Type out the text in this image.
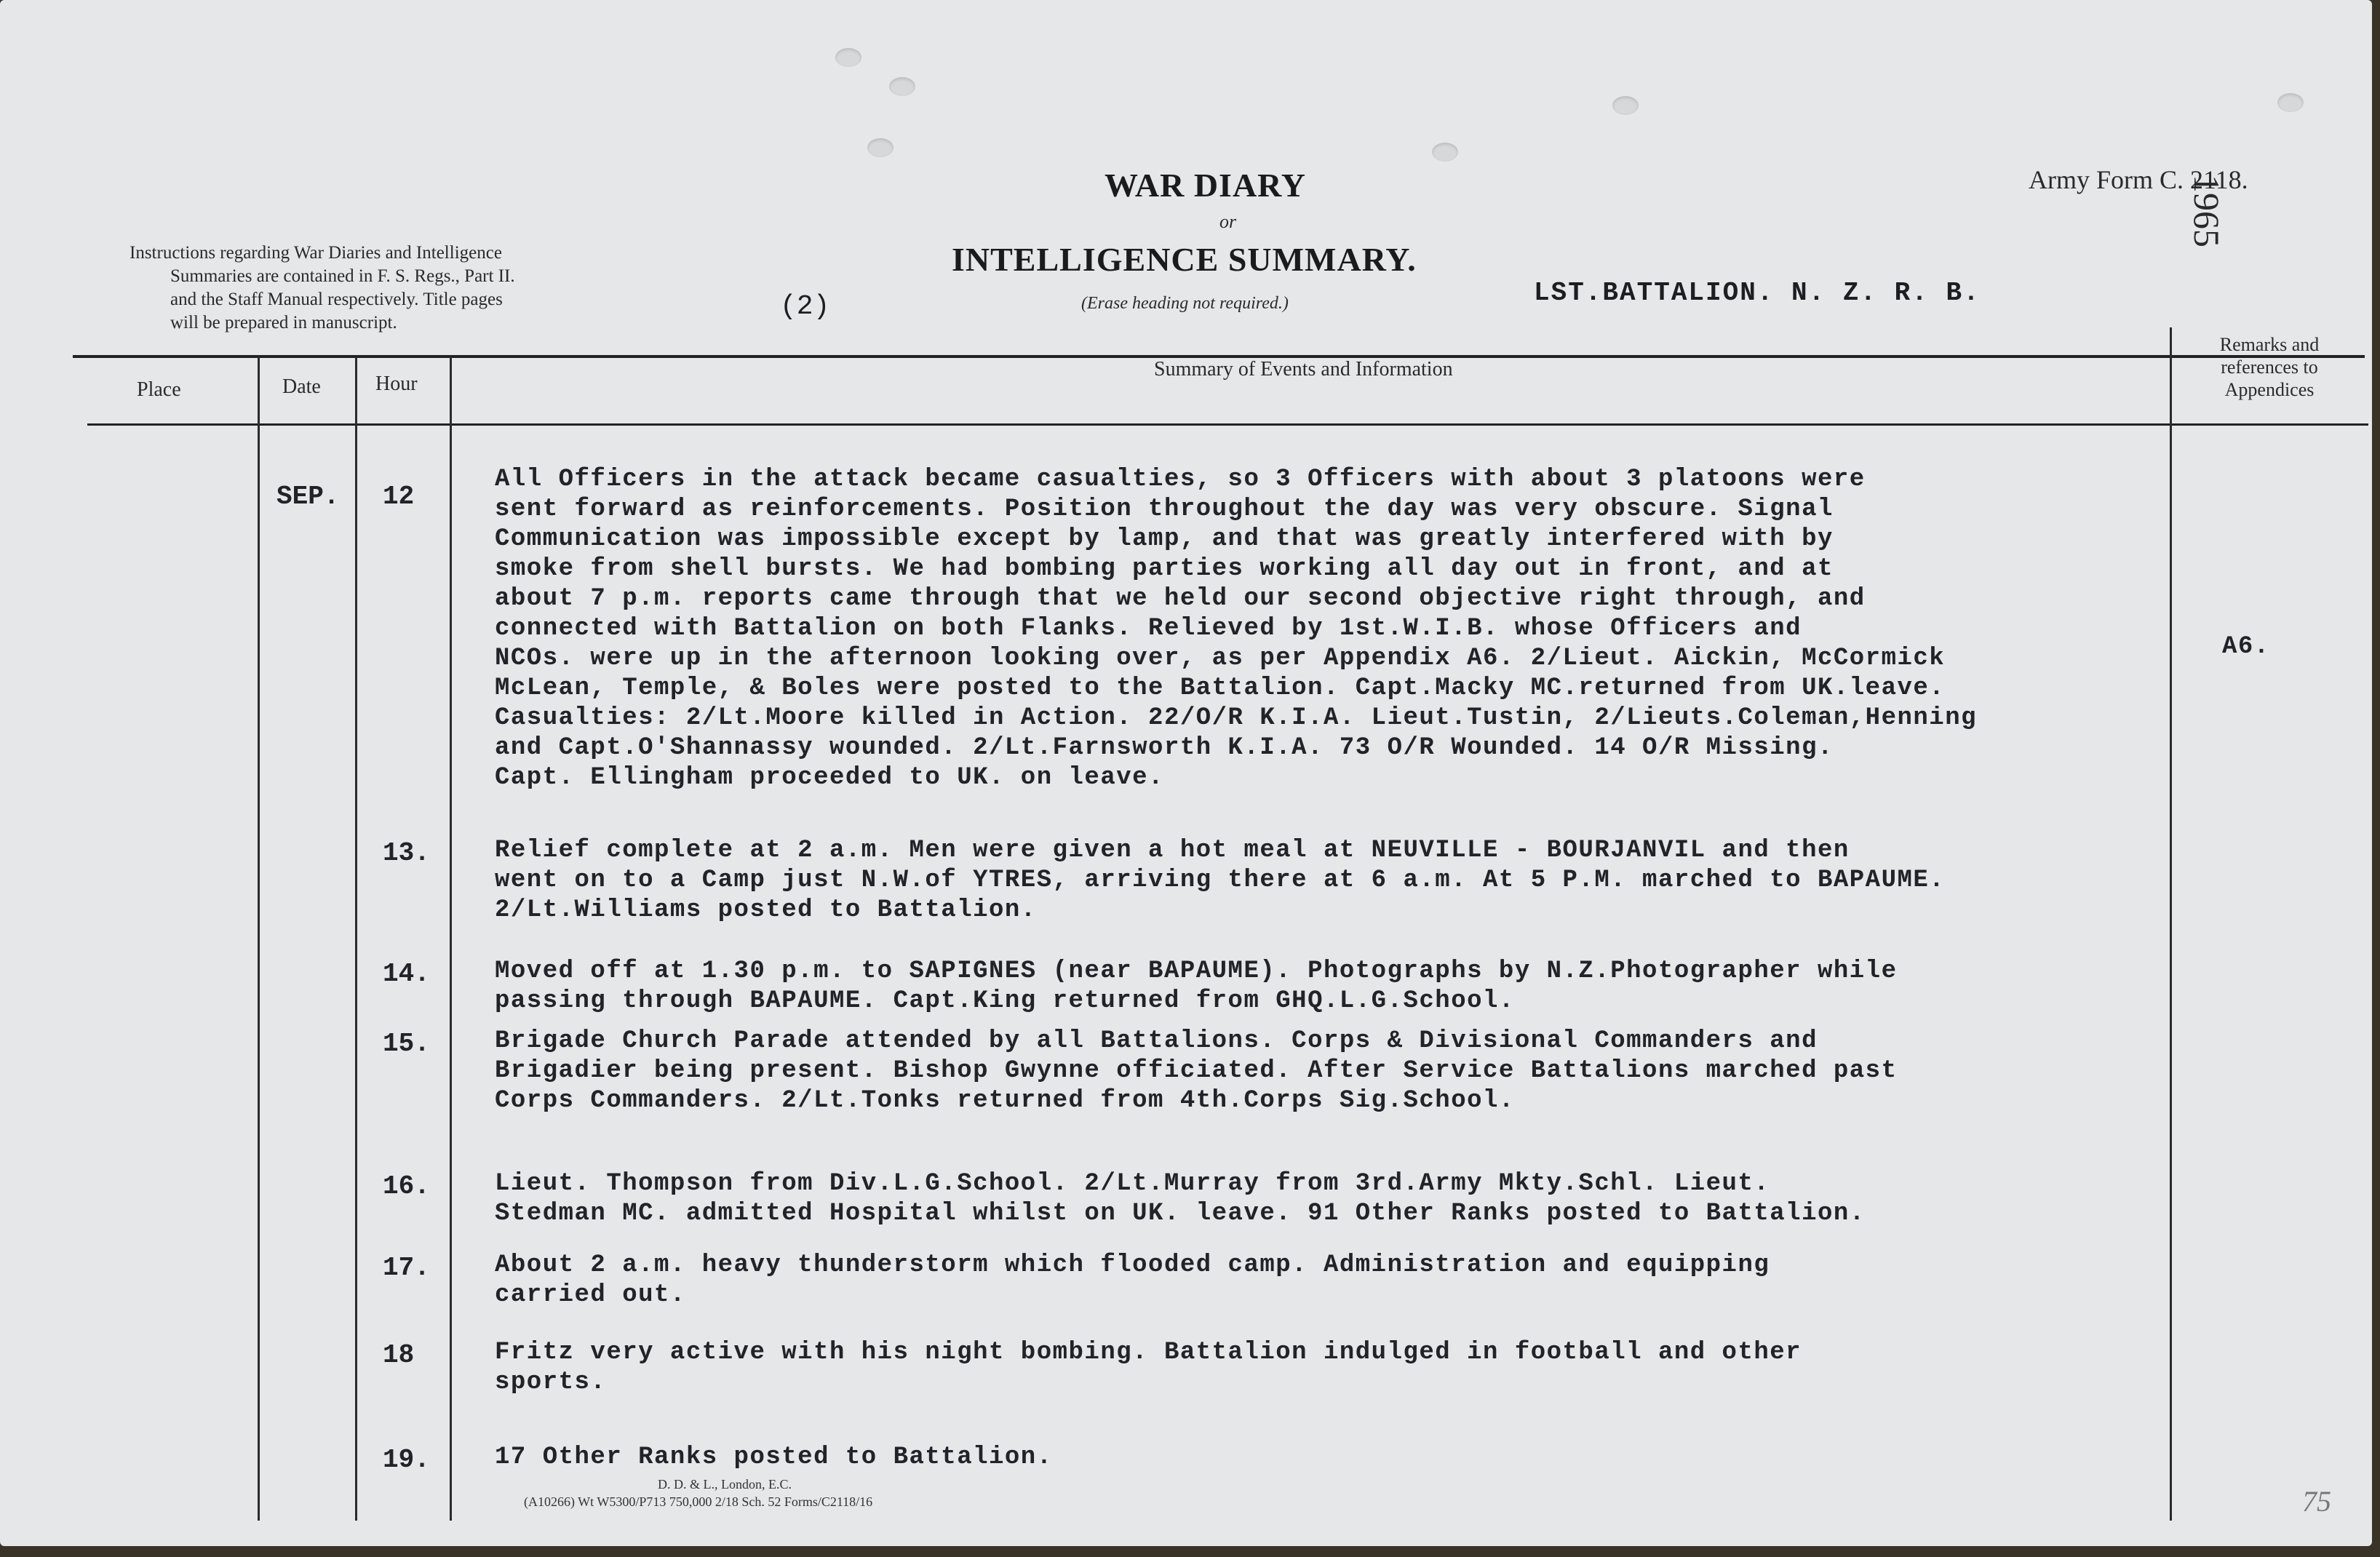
WAR DIARY
or
INTELLIGENCE SUMMARY.
(Erase heading not required.)
Army Form C. 2118.
(2)	LST.BATTALION. N. Z. R. B.
1965
Instructions regarding War Diaries and Intelligence
Summaries are contained in F. S. Regs., Part II.
and the Staff Manual respectively. Title pages
will be prepared in manuscript.
Place	Date	Hour
Summary of Events and Information
Remarks and
references to
Appendices
SEP. 12
All Officers in the attack became casualties, so 3 Officers with about 3 platoons were
sent forward as reinforcements. Position throughout the day was very obscure. Signal
Communication was impossible except by lamp, and that was greatly interfered with by
smoke from shell bursts. We had bombing parties working all day out in front, and at
about 7 p.m. reports came through that we held our second objective right through, and
connected with Battalion on both Flanks. Relieved by 1st.W.I.B. whose Officers and
NCOs. were up in the afternoon looking over, as per Appendix A6. 2/Lieut. Aickin, McCormick
McLean, Temple, & Boles were posted to the Battalion. Capt.Macky MC.returned from UK.leave.
Casualties: 2/Lt.Moore killed in Action. 22/O/R K.I.A. Lieut.Tustin, 2/Lieuts.Coleman,Henning
and Capt.O'Shannassy wounded. 2/Lt.Farnsworth K.I.A. 73 O/R Wounded. 14 O/R Missing.
Capt. Ellingham proceeded to UK. on leave.
A6.
13.	Relief complete at 2 a.m. Men were given a hot meal at NEUVILLE - BOURJANVIL and then
went on to a Camp just N.W.of YTRES, arriving there at 6 a.m. At 5 P.M. marched to BAPAUME.
2/Lt.Williams posted to Battalion.
14.	Moved off at 1.30 p.m. to SAPIGNES (near BAPAUME). Photographs by N.Z.Photographer while
passing through BAPAUME. Capt.King returned from GHQ.L.G.School.
15.	Brigade Church Parade attended by all Battalions. Corps & Divisional Commanders and
Brigadier being present. Bishop Gwynne officiated. After Service Battalions marched past
Corps Commanders. 2/Lt.Tonks returned from 4th.Corps Sig.School.
16.	Lieut. Thompson from Div.L.G.School. 2/Lt.Murray from 3rd.Army Mkty.Schl. Lieut.
Stedman MC. admitted Hospital whilst on UK. leave. 91 Other Ranks posted to Battalion.
17.	About 2 a.m. heavy thunderstorm which flooded camp. Administration and equipping
carried out.
18	Fritz very active with his night bombing. Battalion indulged in football and other
sports.
19.	17 Other Ranks posted to Battalion.
D. D. & L., London, E.C.
(A10266) Wt W5300/P713 750,000 2/18 Sch. 52 Forms/C2118/16	75
